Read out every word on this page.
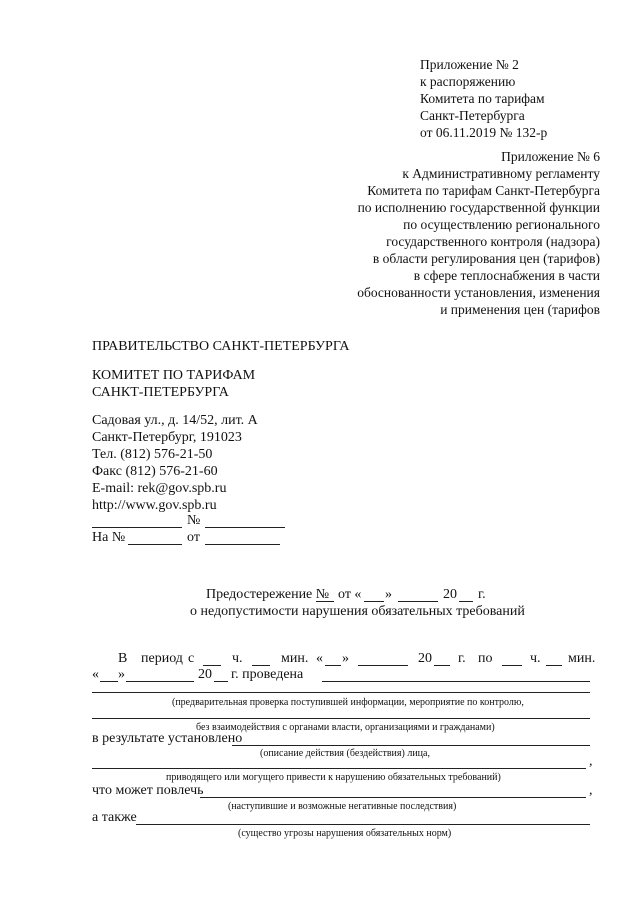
Приложение № 2
к распоряжению
Комитета по тарифам
Санкт-Петербурга
от 06.11.2019 № 132-р
Приложение № 6
к Административному регламенту
Комитета по тарифам Санкт-Петербурга
по исполнению государственной функции
по осуществлению регионального
государственного контроля (надзора)
в области регулирования цен (тарифов)
в сфере теплоснабжения в части
обоснованности установления, изменения
и применения цен (тарифов
ПРАВИТЕЛЬСТВО САНКТ-ПЕТЕРБУРГА
КОМИТЕТ ПО ТАРИФАМ
САНКТ-ПЕТЕРБУРГА
Садовая ул., д. 14/52, лит. А
Санкт-Петербург, 191023
Тел. (812) 576-21-50
Факс (812) 576-21-60
E-mail: rek@gov.spb.ru
http://www.gov.spb.ru
№
На №	от
Предостережение № от « »	20 г.
о недопустимости нарушения обязательных требований
В период с	ч.	мин. « »	20 г. по	ч. мин.
« »	20 г. проведена
(предварительная проверка поступившей информации, мероприятие по контролю,
без взаимодействия с органами власти, организациями и гражданами)
в результате установлено
(описание действия (бездействия) лица,
,
приводящего или могущего привести к нарушению обязательных требований)
что может повлечь	,
(наступившие и возможные негативные последствия)
а также
(существо угрозы нарушения обязательных норм)
